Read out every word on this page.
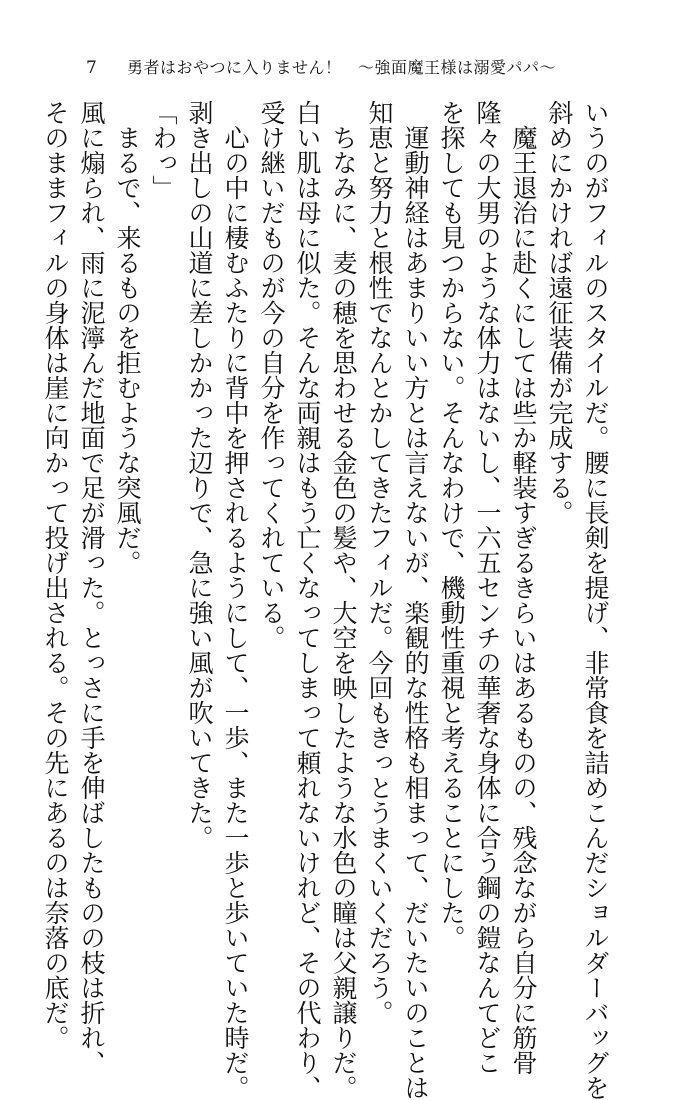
7 勇者はおやつに入りません！　～強面魔王様は溺愛パパ～

いうのがフィルのスタイルだ。腰に長剣を提げ、非常食を詰めこんだショルダーバッグを

斜めにかければ遠征装備が完成する。

魔王退治に赴くにしては些か軽装すぎるきらいはあるものの、残念ながら自分に筋骨

隆々の大男のような体力はないし、一六五センチの華奢な身体に合う鋼の鎧なんてどこ

を探しても見つからない。そんなわけで、機動性重視と考えることにした。

運動神経はあまりいい方とは言えないが、楽観的な性格も相まって、だいたいのことは

知恵と努力と根性でなんとかしてきたフィルだ。今回もきっとうまくいくだろう。

ちなみに、麦の穂を思わせる金色の髪や、大空を映したような水色の瞳は父親譲りだ。

白い肌は母に似た。そんな両親はもう亡くなってしまって頼れないけれど、その代わり、

受け継いだものが今の自分を作ってくれている。

心の中に棲むふたりに背中を押されるようにして、一歩、また一歩と歩いていた時だ。

剥き出しの山道に差しかかった辺りで、急に強い風が吹いてきた。

「わっ」

まるで、来るものを拒むような突風だ。

風に煽られ、雨に泥濘んだ地面で足が滑った。とっさに手を伸ばしたものの枝は折れ、

そのままフィルの身体は崖に向かって投げ出される。その先にあるのは奈落の底だ。
